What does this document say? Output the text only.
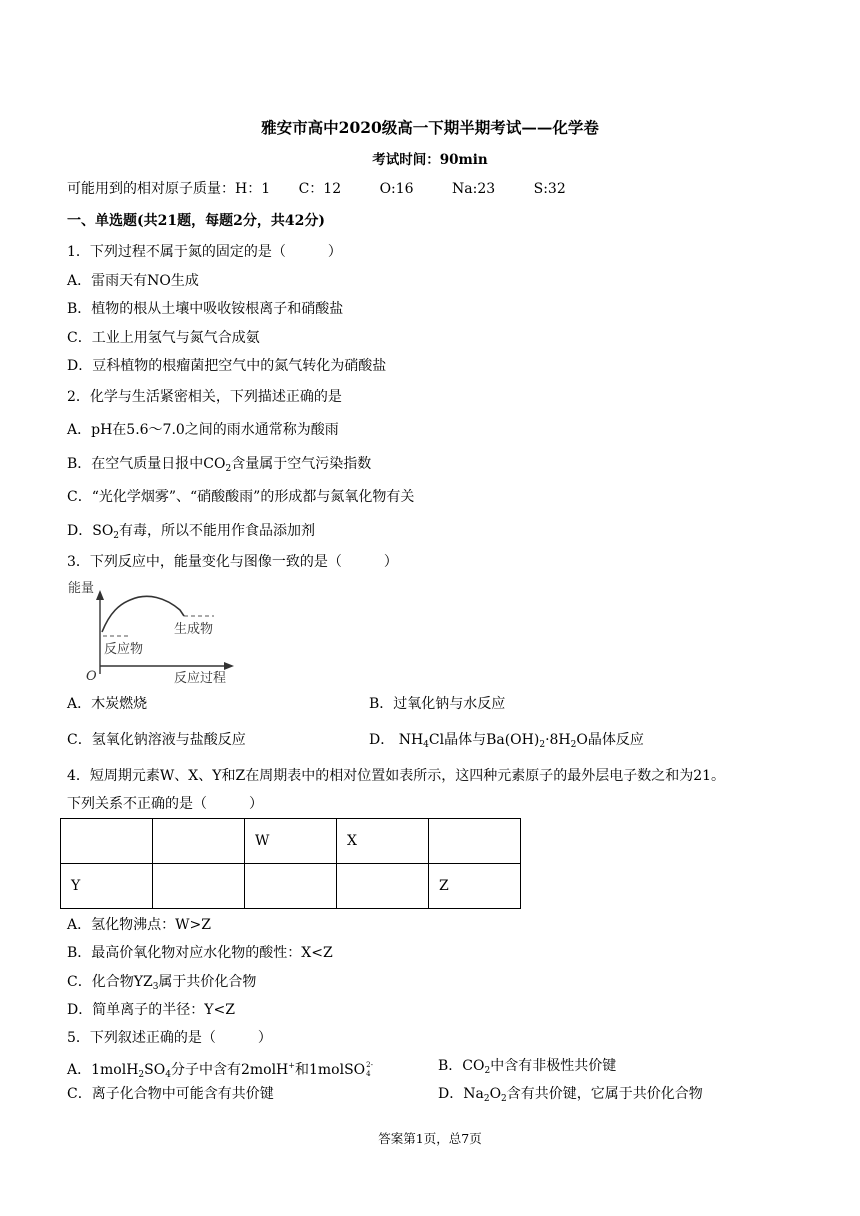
雅安市高中2020级高一下期半期考试——化学卷
考试时间：90min
可能用到的相对原子质量：H：1 C：12	O:16	Na:23	S:32
一、单选题(共21题，每题2分，共42分)
1．下列过程不属于氮的固定的是（　　　）
A．雷雨天有NO生成
B．植物的根从土壤中吸收铵根离子和硝酸盐
C．工业上用氢气与氮气合成氨
D．豆科植物的根瘤菌把空气中的氮气转化为硝酸盐
2．化学与生活紧密相关，下列描述正确的是
A．pH在5.6～7.0之间的雨水通常称为酸雨
B．在空气质量日报中$CO_2$含量属于空气污染指数
C．“光化学烟雾”、“硝酸酸雨”的形成都与氮氧化物有关
D．$SO_2$有毒，所以不能用作食品添加剂
3．下列反应中，能量变化与图像一致的是（　　　）
能量
O	反应过程
反应物
生成物
A．木炭燃烧	B．过氧化钠与水反应
C．氢氧化钠溶液与盐酸反应	D． $NH_4Cl$晶体与$Ba(OH)_2\cdot 8H_2O$晶体反应
4．短周期元素W、X、Y和Z在周期表中的相对位置如表所示，这四种元素原子的最外层电子数之和为21。
下列关系不正确的是（　　　）
		W	X	
Y				Z
A．氢化物沸点：W>Z
B．最高价氧化物对应水化物的酸性：X<Z
C．化合物$YZ_3$属于共价化合物
D．简单离子的半径：Y<Z
5．下列叙述正确的是（　　　）
A．$1molH_2SO_4$分子中含有2molH+和1molSO 2-
4	B．$CO_2$中含有非极性共价键
C．离子化合物中可能含有共价键	D．$Na_2O_2$含有共价键，它属于共价化合物
答案第1页，总7页
